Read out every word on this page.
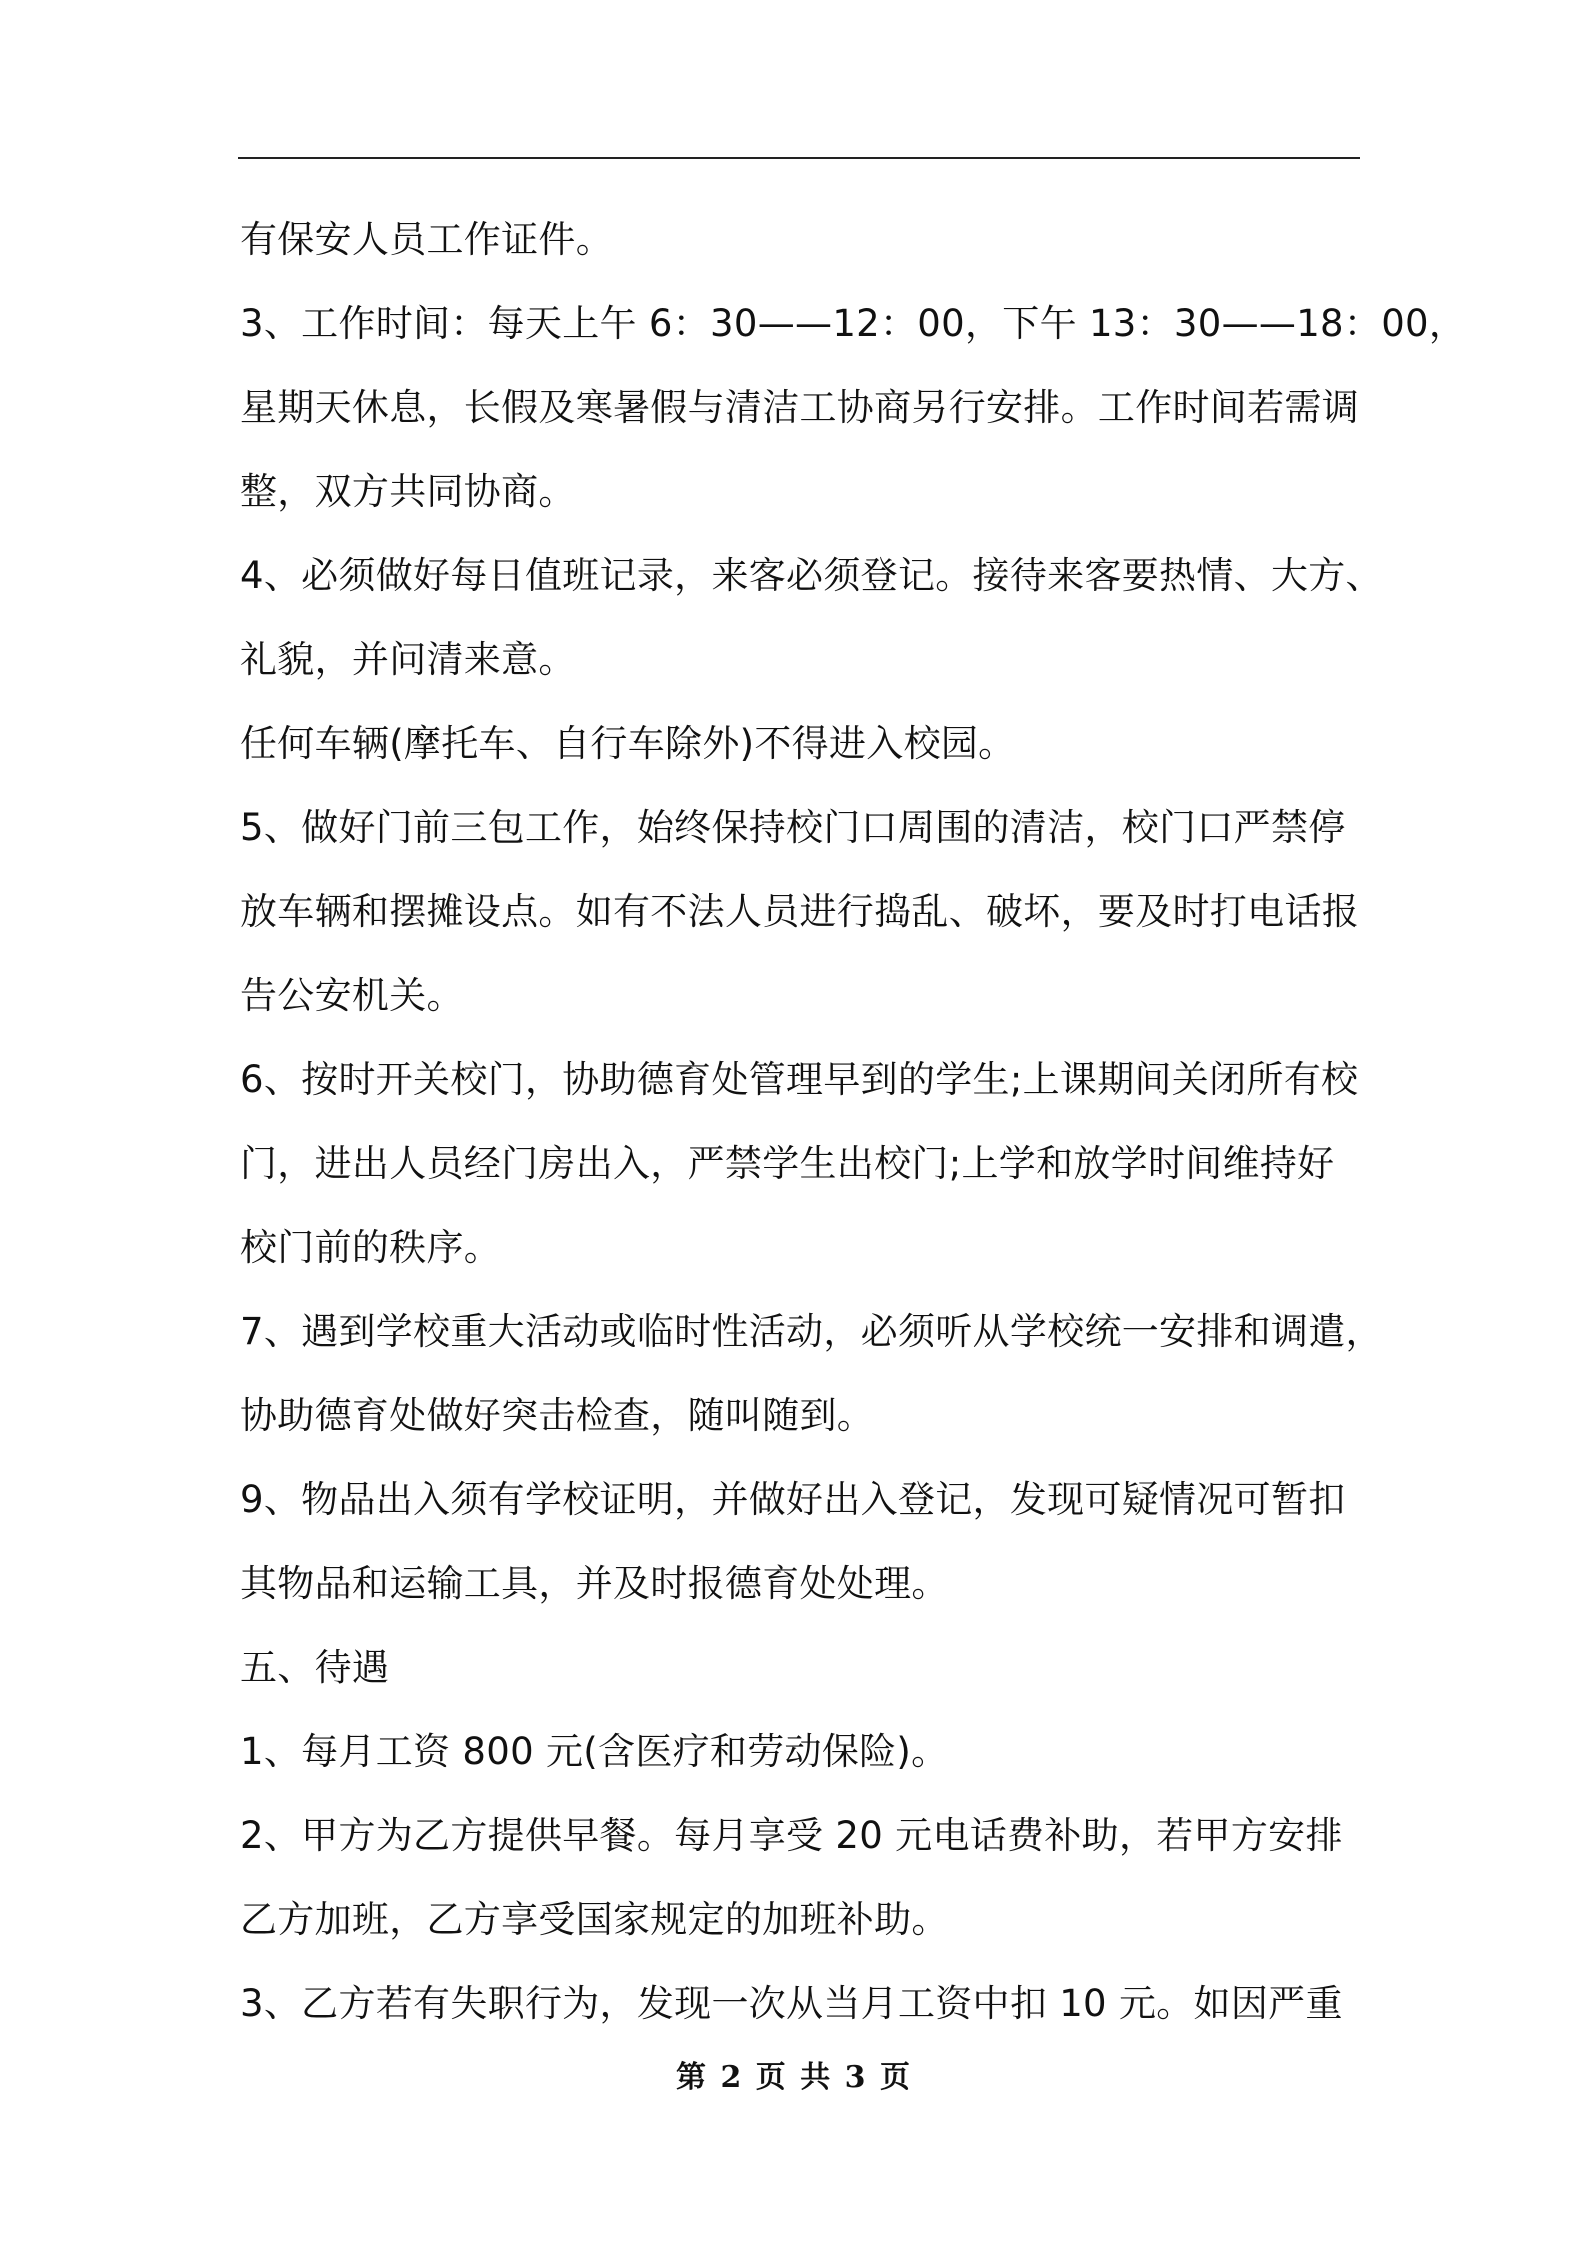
有保安人员工作证件。
3、工作时间：每天上午 6：30——12：00，下午 13：30——18：00，
星期天休息，长假及寒暑假与清洁工协商另行安排。工作时间若需调
整，双方共同协商。
4、必须做好每日值班记录，来客必须登记。接待来客要热情、大方、
礼貌，并问清来意。
任何车辆(摩托车、自行车除外)不得进入校园。
5、做好门前三包工作，始终保持校门口周围的清洁，校门口严禁停
放车辆和摆摊设点。如有不法人员进行捣乱、破坏，要及时打电话报
告公安机关。
6、按时开关校门，协助德育处管理早到的学生;上课期间关闭所有校
门，进出人员经门房出入，严禁学生出校门;上学和放学时间维持好
校门前的秩序。
7、遇到学校重大活动或临时性活动，必须听从学校统一安排和调遣，
协助德育处做好突击检查，随叫随到。
9、物品出入须有学校证明，并做好出入登记，发现可疑情况可暂扣
其物品和运输工具，并及时报德育处处理。
五、待遇
1、每月工资 800 元(含医疗和劳动保险)。
2、甲方为乙方提供早餐。每月享受 20 元电话费补助，若甲方安排
乙方加班，乙方享受国家规定的加班补助。
3、乙方若有失职行为，发现一次从当月工资中扣 10 元。如因严重
第 2 页 共 3 页
